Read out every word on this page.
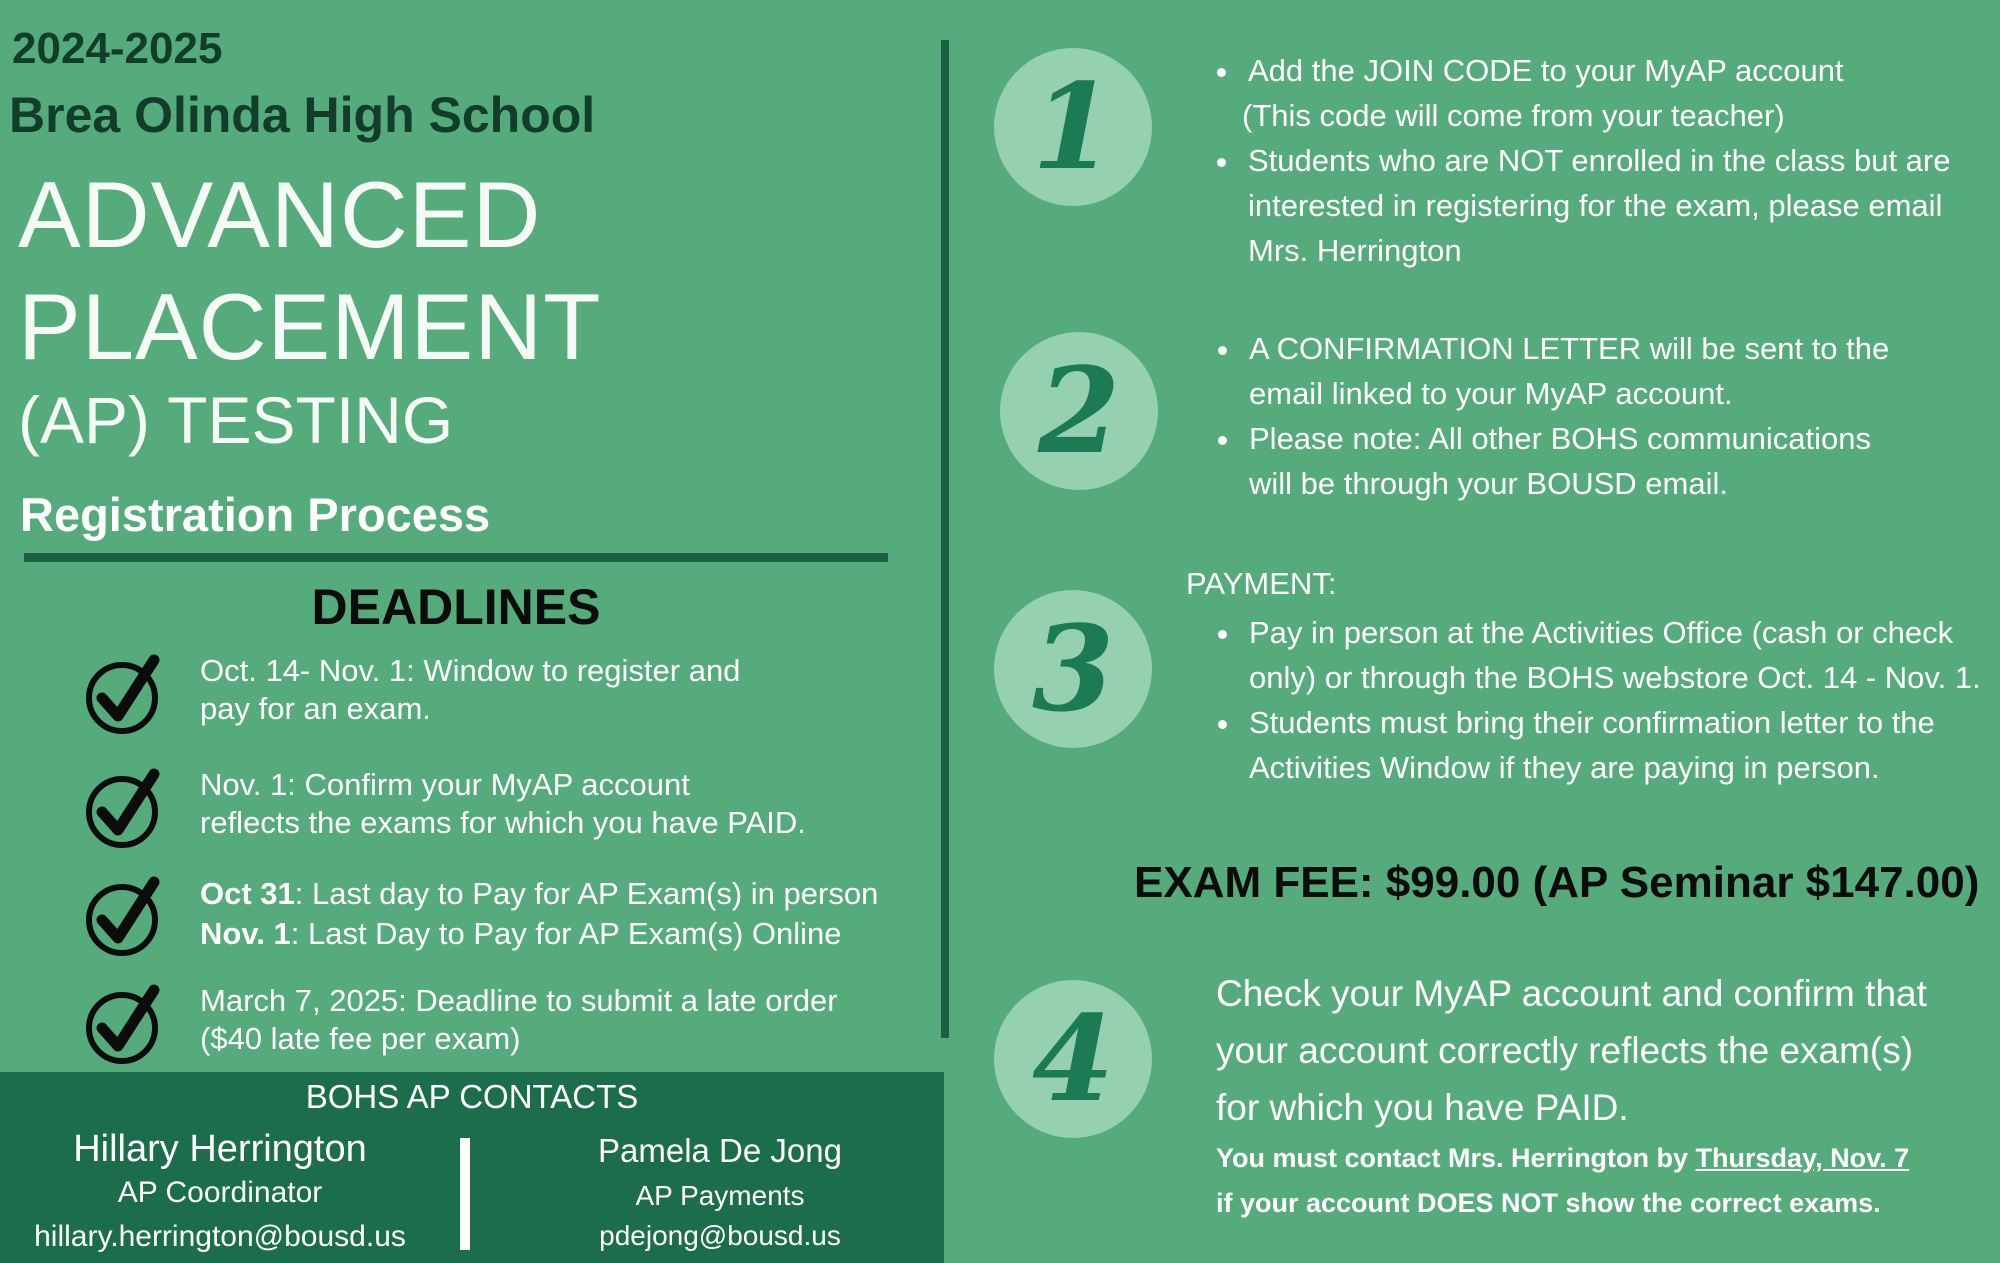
2024-2025
Brea Olinda High School
ADVANCED
PLACEMENT
(AP) TESTING
Registration Process
DEADLINES
Oct. 14- Nov. 1: Window to register and
pay for an exam.
Nov. 1: Confirm your MyAP account
reflects the exams for which you have PAID.
Oct 31: Last day to Pay for AP Exam(s) in person
Nov. 1: Last Day to Pay for AP Exam(s) Online
March 7, 2025: Deadline to submit a late order
($40 late fee per exam)
BOHS AP CONTACTS
Hillary Herrington
AP Coordinator
hillary.herrington@bousd.us
Pamela De Jong
AP Payments
pdejong@bousd.us
1
2
3
4
• Add the JOIN CODE to your MyAP account
(This code will come from your teacher)
• Students who are NOT enrolled in the class but are interested in registering for the exam, please email Mrs. Herrington
• A CONFIRMATION LETTER will be sent to the email linked to your MyAP account.
• Please note: All other BOHS communications will be through your BOUSD email.
PAYMENT:
• Pay in person at the Activities Office (cash or check only) or through the BOHS webstore Oct. 14 - Nov. 1.
• Students must bring their confirmation letter to the Activities Window if they are paying in person.
EXAM FEE: $99.00 (AP Seminar $147.00)
Check your MyAP account and confirm that your account correctly reflects the exam(s) for which you have PAID.
You must contact Mrs. Herrington by Thursday, Nov. 7
if your account DOES NOT show the correct exams.
